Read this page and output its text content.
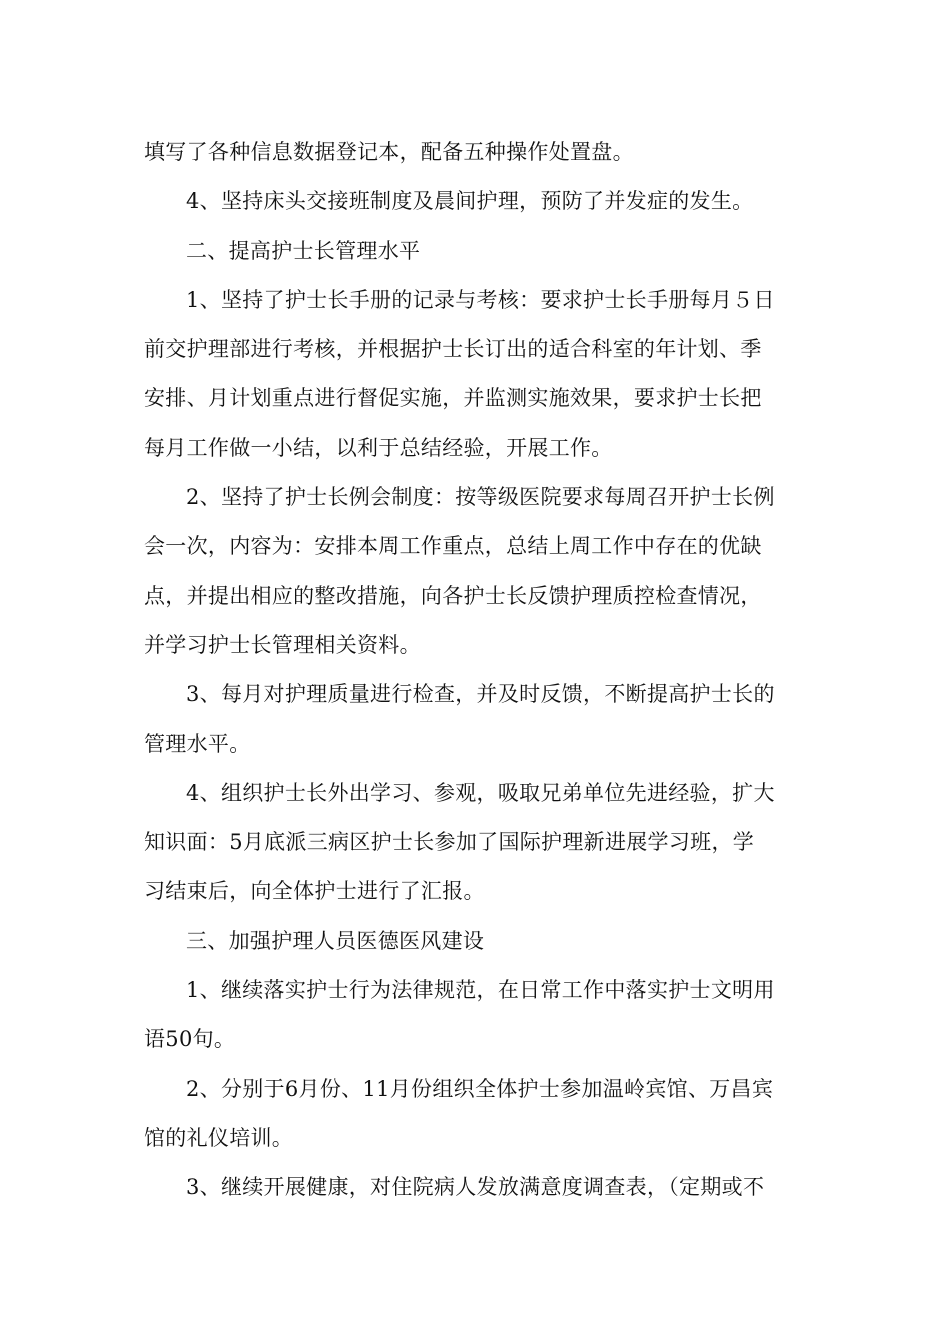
填写了各种信息数据登记本，配备五种操作处置盘。
4、坚持床头交接班制度及晨间护理，预防了并发症的发生。
二、提高护士长管理水平
1、坚持了护士长手册的记录与考核：要求护士长手册每月５日
前交护理部进行考核，并根据护士长订出的适合科室的年计划、季
安排、月计划重点进行督促实施，并监测实施效果，要求护士长把
每月工作做一小结，以利于总结经验，开展工作。
2、坚持了护士长例会制度：按等级医院要求每周召开护士长例
会一次，内容为：安排本周工作重点，总结上周工作中存在的优缺
点，并提出相应的整改措施，向各护士长反馈护理质控检查情况，
并学习护士长管理相关资料。
3、每月对护理质量进行检查，并及时反馈，不断提高护士长的
管理水平。
4、组织护士长外出学习、参观，吸取兄弟单位先进经验，扩大
知识面：5月底派三病区护士长参加了国际护理新进展学习班，学
习结束后，向全体护士进行了汇报。
三、加强护理人员医德医风建设
1、继续落实护士行为法律规范，在日常工作中落实护士文明用
语50句。
2、分别于6月份、11月份组织全体护士参加温岭宾馆、万昌宾
馆的礼仪培训。
3、继续开展健康，对住院病人发放满意度调查表，（定期或不
